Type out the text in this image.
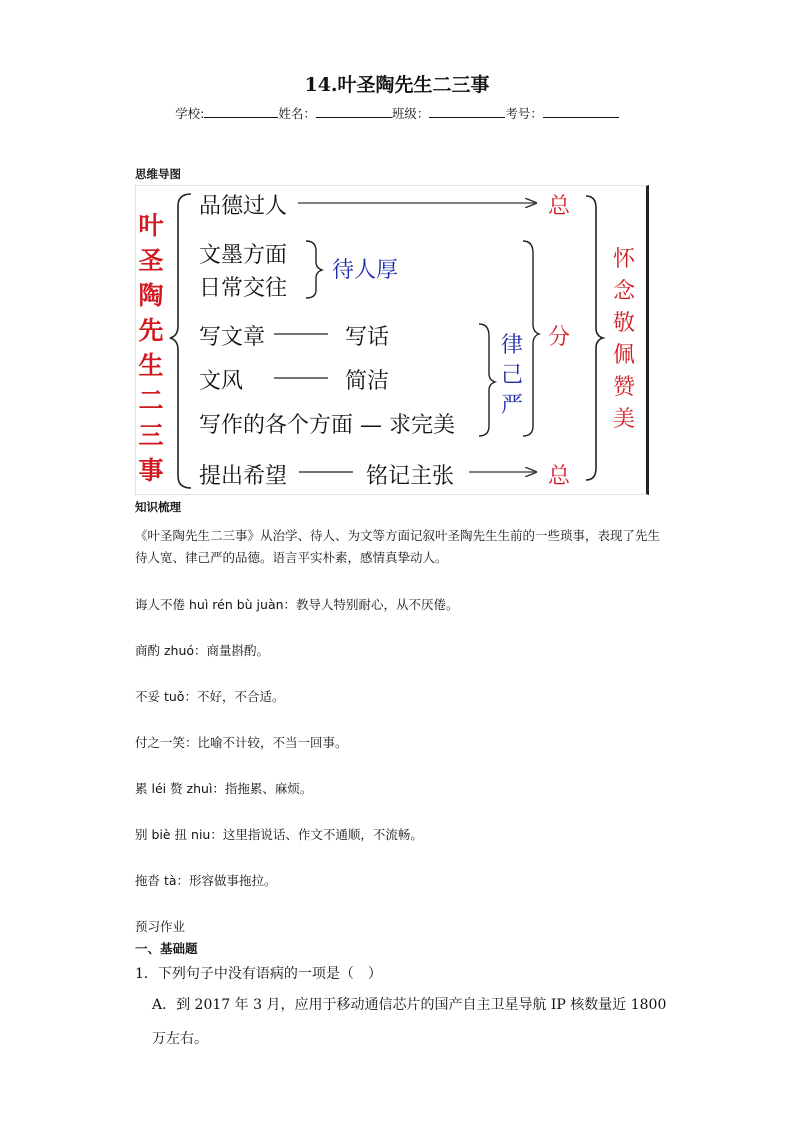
14.叶圣陶先生二三事
学校:	姓名：	班级：	考号：
思维导图
叶
圣
陶
先
生
二
三
事
品德过人
文墨方面
日常交往
待人厚
写文章	写话
文风	简洁
写作的各个方面 — 求完美
提出希望	铭记主张
律
己
严
总
分
总
怀
念
敬
佩
赞
美
知识梳理
《叶圣陶先生二三事》从治学、待人、为文等方面记叙叶圣陶先生生前的一些琐事，表现了先生待人宽、律己严的品德。语言平实朴素，感情真挚动人。
诲人不倦 huì rén bù juàn：教导人特别耐心，从不厌倦。
商酌 zhuó：商量斟酌。
不妥 tuǒ：不好，不合适。
付之一笑：比喻不计较，不当一回事。
累 léi 赘 zhuì：指拖累、麻烦。
别 biè 扭 niu：这里指说话、作文不通顺，不流畅。
拖沓 tà：形容做事拖拉。
预习作业
一、基础题
1．下列句子中没有语病的一项是（　）
A．到 2017 年 3 月，应用于移动通信芯片的国产自主卫星导航 IP 核数量近 1800 万左右。
